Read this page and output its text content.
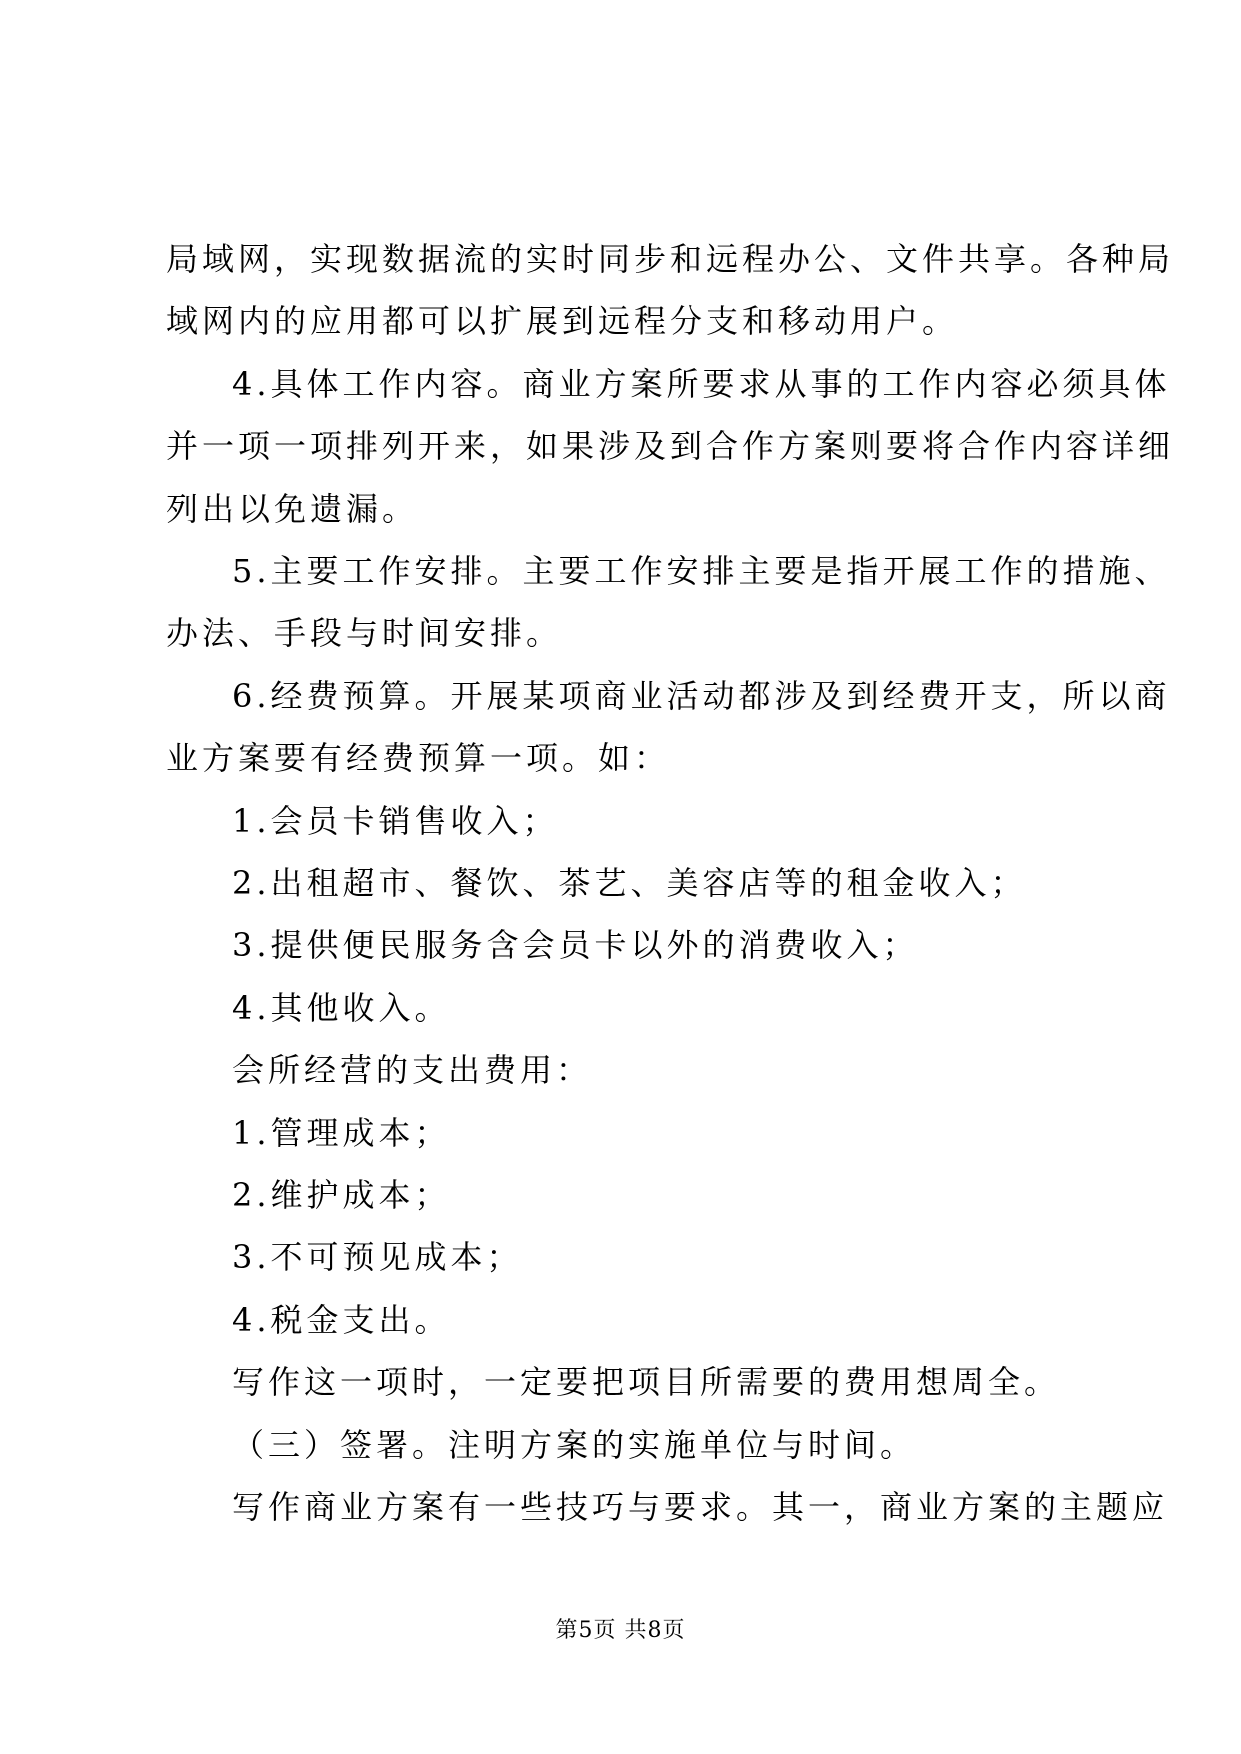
局域网，实现数据流的实时同步和远程办公、文件共享。各种局
域网内的应用都可以扩展到远程分支和移动用户。
4.具体工作内容。商业方案所要求从事的工作内容必须具体
并一项一项排列开来，如果涉及到合作方案则要将合作内容详细
列出以免遗漏。
5.主要工作安排。主要工作安排主要是指开展工作的措施、
办法、手段与时间安排。
6.经费预算。开展某项商业活动都涉及到经费开支，所以商
业方案要有经费预算一项。如：
1.会员卡销售收入；
2.出租超市、餐饮、茶艺、美容店等的租金收入；
3.提供便民服务含会员卡以外的消费收入；
4.其他收入。
会所经营的支出费用：
1.管理成本；
2.维护成本；
3.不可预见成本；
4.税金支出。
写作这一项时，一定要把项目所需要的费用想周全。
（三）签署。注明方案的实施单位与时间。
写作商业方案有一些技巧与要求。其一，商业方案的主题应
第5页 共8页
